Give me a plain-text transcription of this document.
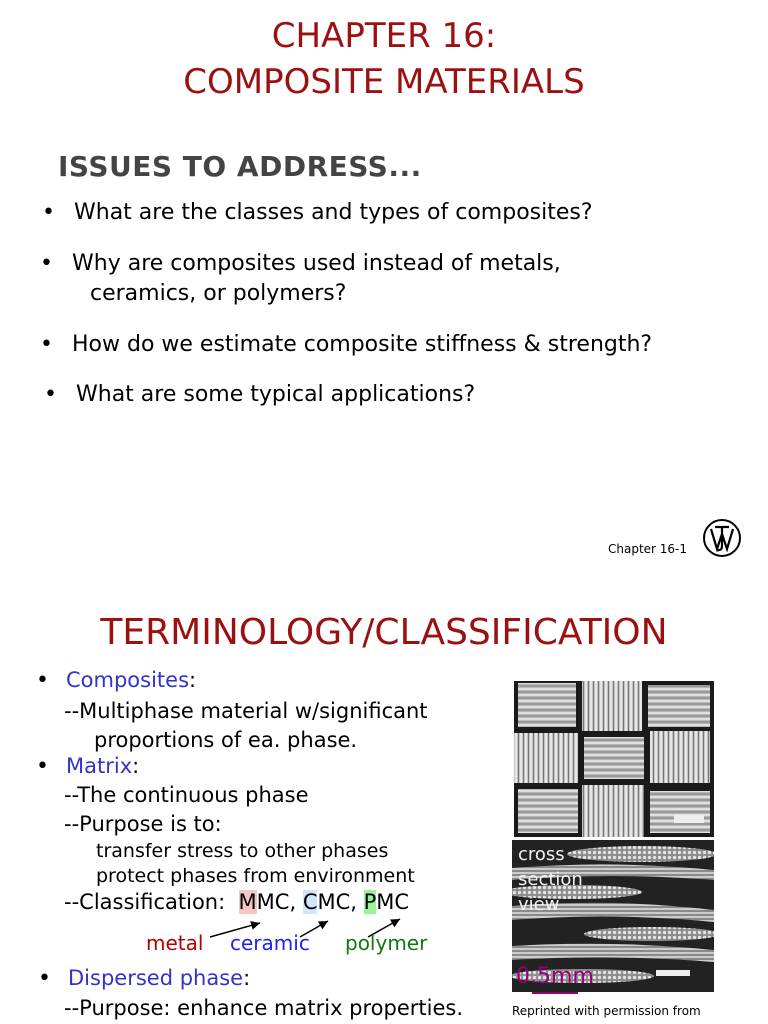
CHAPTER 16:
COMPOSITE MATERIALS
ISSUES TO ADDRESS...
• What are the classes and types of composites?
• Why are composites used instead of metals,
ceramics, or polymers?
• How do we estimate composite stiffness & strength?
• What are some typical applications?
Chapter 16-1
TERMINOLOGY/CLASSIFICATION
• Composites:
--Multiphase material w/significant
proportions of ea. phase.
• Matrix:
--The continuous phase
--Purpose is to:
transfer stress to other phases
protect phases from environment
--Classification: MMC, CMC, PMC
metal ceramic polymer
• Dispersed phase:
--Purpose: enhance matrix properties.
cross
section
view
0.5mm
Reprinted with permission from
